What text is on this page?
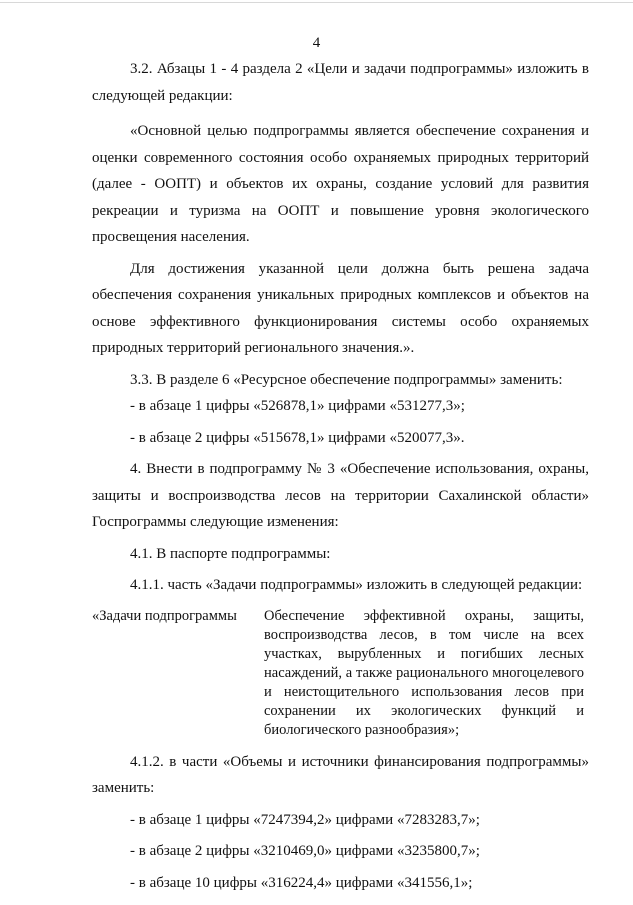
4

3.2. Абзацы 1 - 4 раздела 2 «Цели и задачи подпрограммы» изложить в следующей редакции:

«Основной целью подпрограммы является обеспечение сохранения и оценки современного состояния особо охраняемых природных территорий (далее - ООПТ) и объектов их охраны, создание условий для развития рекреации и туризма на ООПТ и повышение уровня экологического просвещения населения.

Для достижения указанной цели должна быть решена задача обеспечения сохранения уникальных природных комплексов и объектов на основе эффективного функционирования системы особо охраняемых природных территорий регионального значения.».

3.3. В разделе 6 «Ресурсное обеспечение подпрограммы» заменить:

- в абзаце 1 цифры «526878,1» цифрами «531277,3»;

- в абзаце 2 цифры «515678,1» цифрами «520077,3».

4. Внести в подпрограмму № 3 «Обеспечение использования, охраны, защиты и воспроизводства лесов на территории Сахалинской области» Госпрограммы следующие изменения:

4.1. В паспорте подпрограммы:

4.1.1. часть «Задачи подпрограммы» изложить в следующей редакции:

«Задачи подпрограммы	Обеспечение эффективной охраны, защиты, воспроизводства лесов, в том числе на всех участках, вырубленных и погибших лесных насаждений, а также рационального многоцелевого и неистощительного использования лесов при сохранении их экологических функций и биологического разнообразия»;

4.1.2. в части «Объемы и источники финансирования подпрограммы» заменить:

- в абзаце 1 цифры «7247394,2» цифрами «7283283,7»;

- в абзаце 2 цифры «3210469,0» цифрами «3235800,7»;

- в абзаце 10 цифры «316224,4» цифрами «341556,1»;
